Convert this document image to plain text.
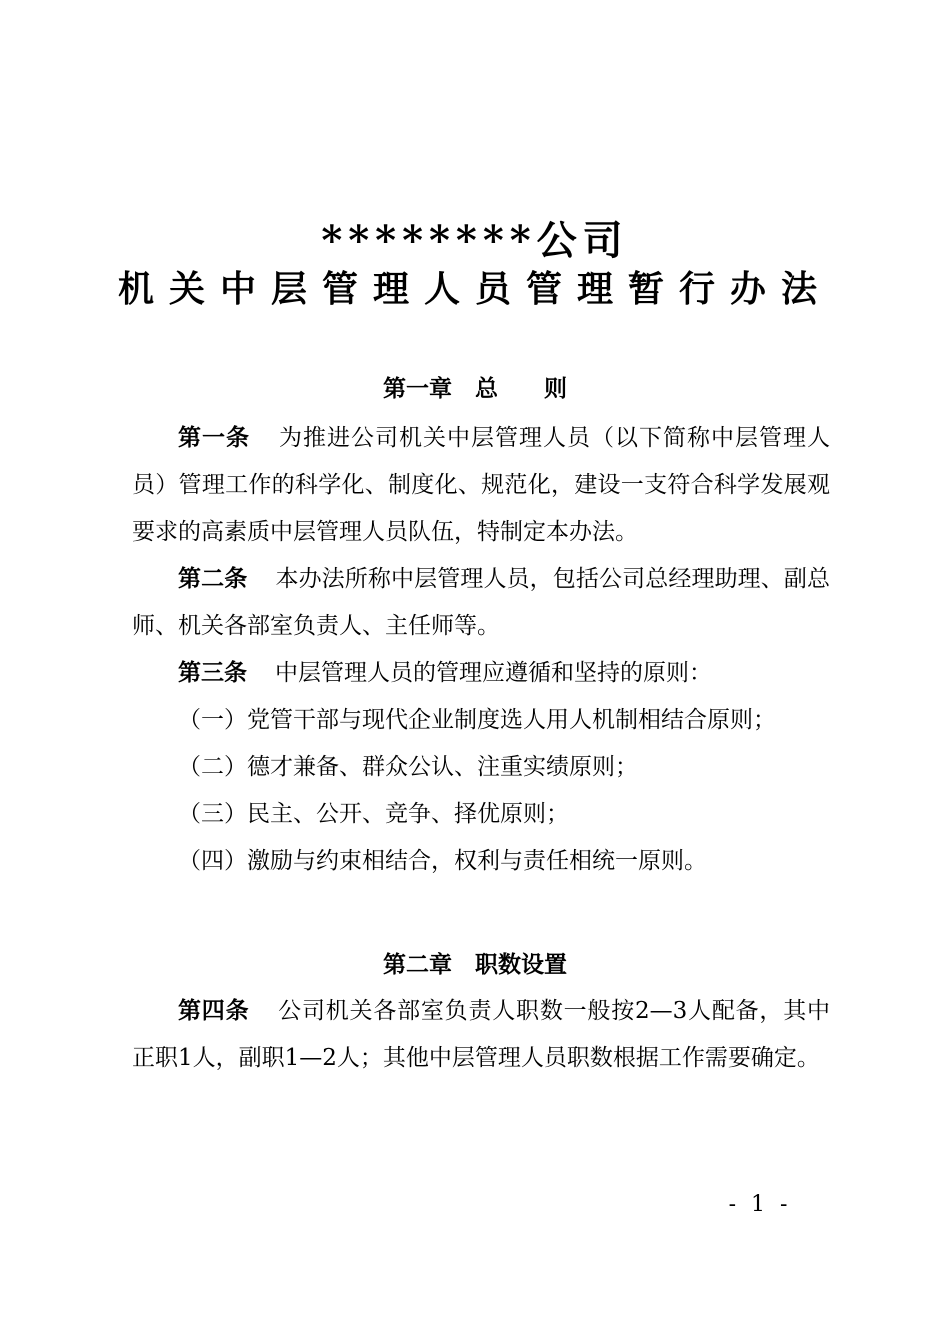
********公司
机关中层管理人员管理暂行办法
第一章　总　　则

第一条 为推进公司机关中层管理人员（以下简称中层管理人员）管理工作的科学化、制度化、规范化，建设一支符合科学发展观要求的高素质中层管理人员队伍，特制定本办法。

第二条 本办法所称中层管理人员，包括公司总经理助理、副总师、机关各部室负责人、主任师等。

第三条 中层管理人员的管理应遵循和坚持的原则：

（一）党管干部与现代企业制度选人用人机制相结合原则；

（二）德才兼备、群众公认、注重实绩原则；

（三）民主、公开、竞争、择优原则；

（四）激励与约束相结合，权利与责任相统一原则。

第二章　职数设置

第四条 公司机关各部室负责人职数一般按2—3人配备，其中正职1人，副职1—2人；其他中层管理人员职数根据工作需要确定。

- 1 -
